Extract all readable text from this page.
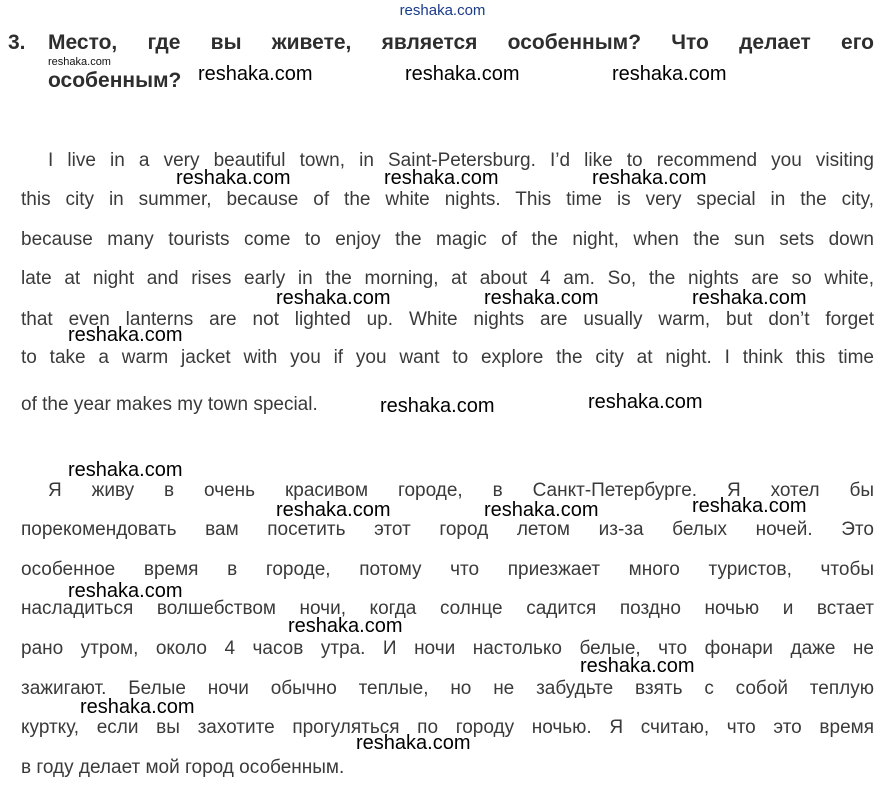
reshaka.com
3. Место, где вы живете, является особенным? Что делает его
reshaka.com
особенным?
I live in a very beautiful town, in Saint-Petersburg. I’d like to recommend you visiting
this city in summer, because of the white nights. This time is very special in the city,
because many tourists come to enjoy the magic of the night, when the sun sets down
late at night and rises early in the morning, at about 4 am. So, the nights are so white,
that even lanterns are not lighted up. White nights are usually warm, but don’t forget
to take a warm jacket with you if you want to explore the city at night. I think this time
of the year makes my town special.
Я живу в очень красивом городе, в Санкт-Петербурге. Я хотел бы
порекомендовать вам посетить этот город летом из-за белых ночей. Это
особенное время в городе, потому что приезжает много туристов, чтобы
насладиться волшебством ночи, когда солнце садится поздно ночью и встает
рано утром, около 4 часов утра. И ночи настолько белые, что фонари даже не
зажигают. Белые ночи обычно теплые, но не забудьте взять с собой теплую
куртку, если вы захотите прогуляться по городу ночью. Я считаю, что это время
в году делает мой город особенным.
reshaka.com	reshaka.com	reshaka.com
reshaka.com	reshaka.com	reshaka.com
reshaka.com	reshaka.com	reshaka.com
reshaka.com
reshaka.com	reshaka.com
reshaka.com
reshaka.com	reshaka.com	reshaka.com
reshaka.com
reshaka.com
reshaka.com
reshaka.com
reshaka.com
